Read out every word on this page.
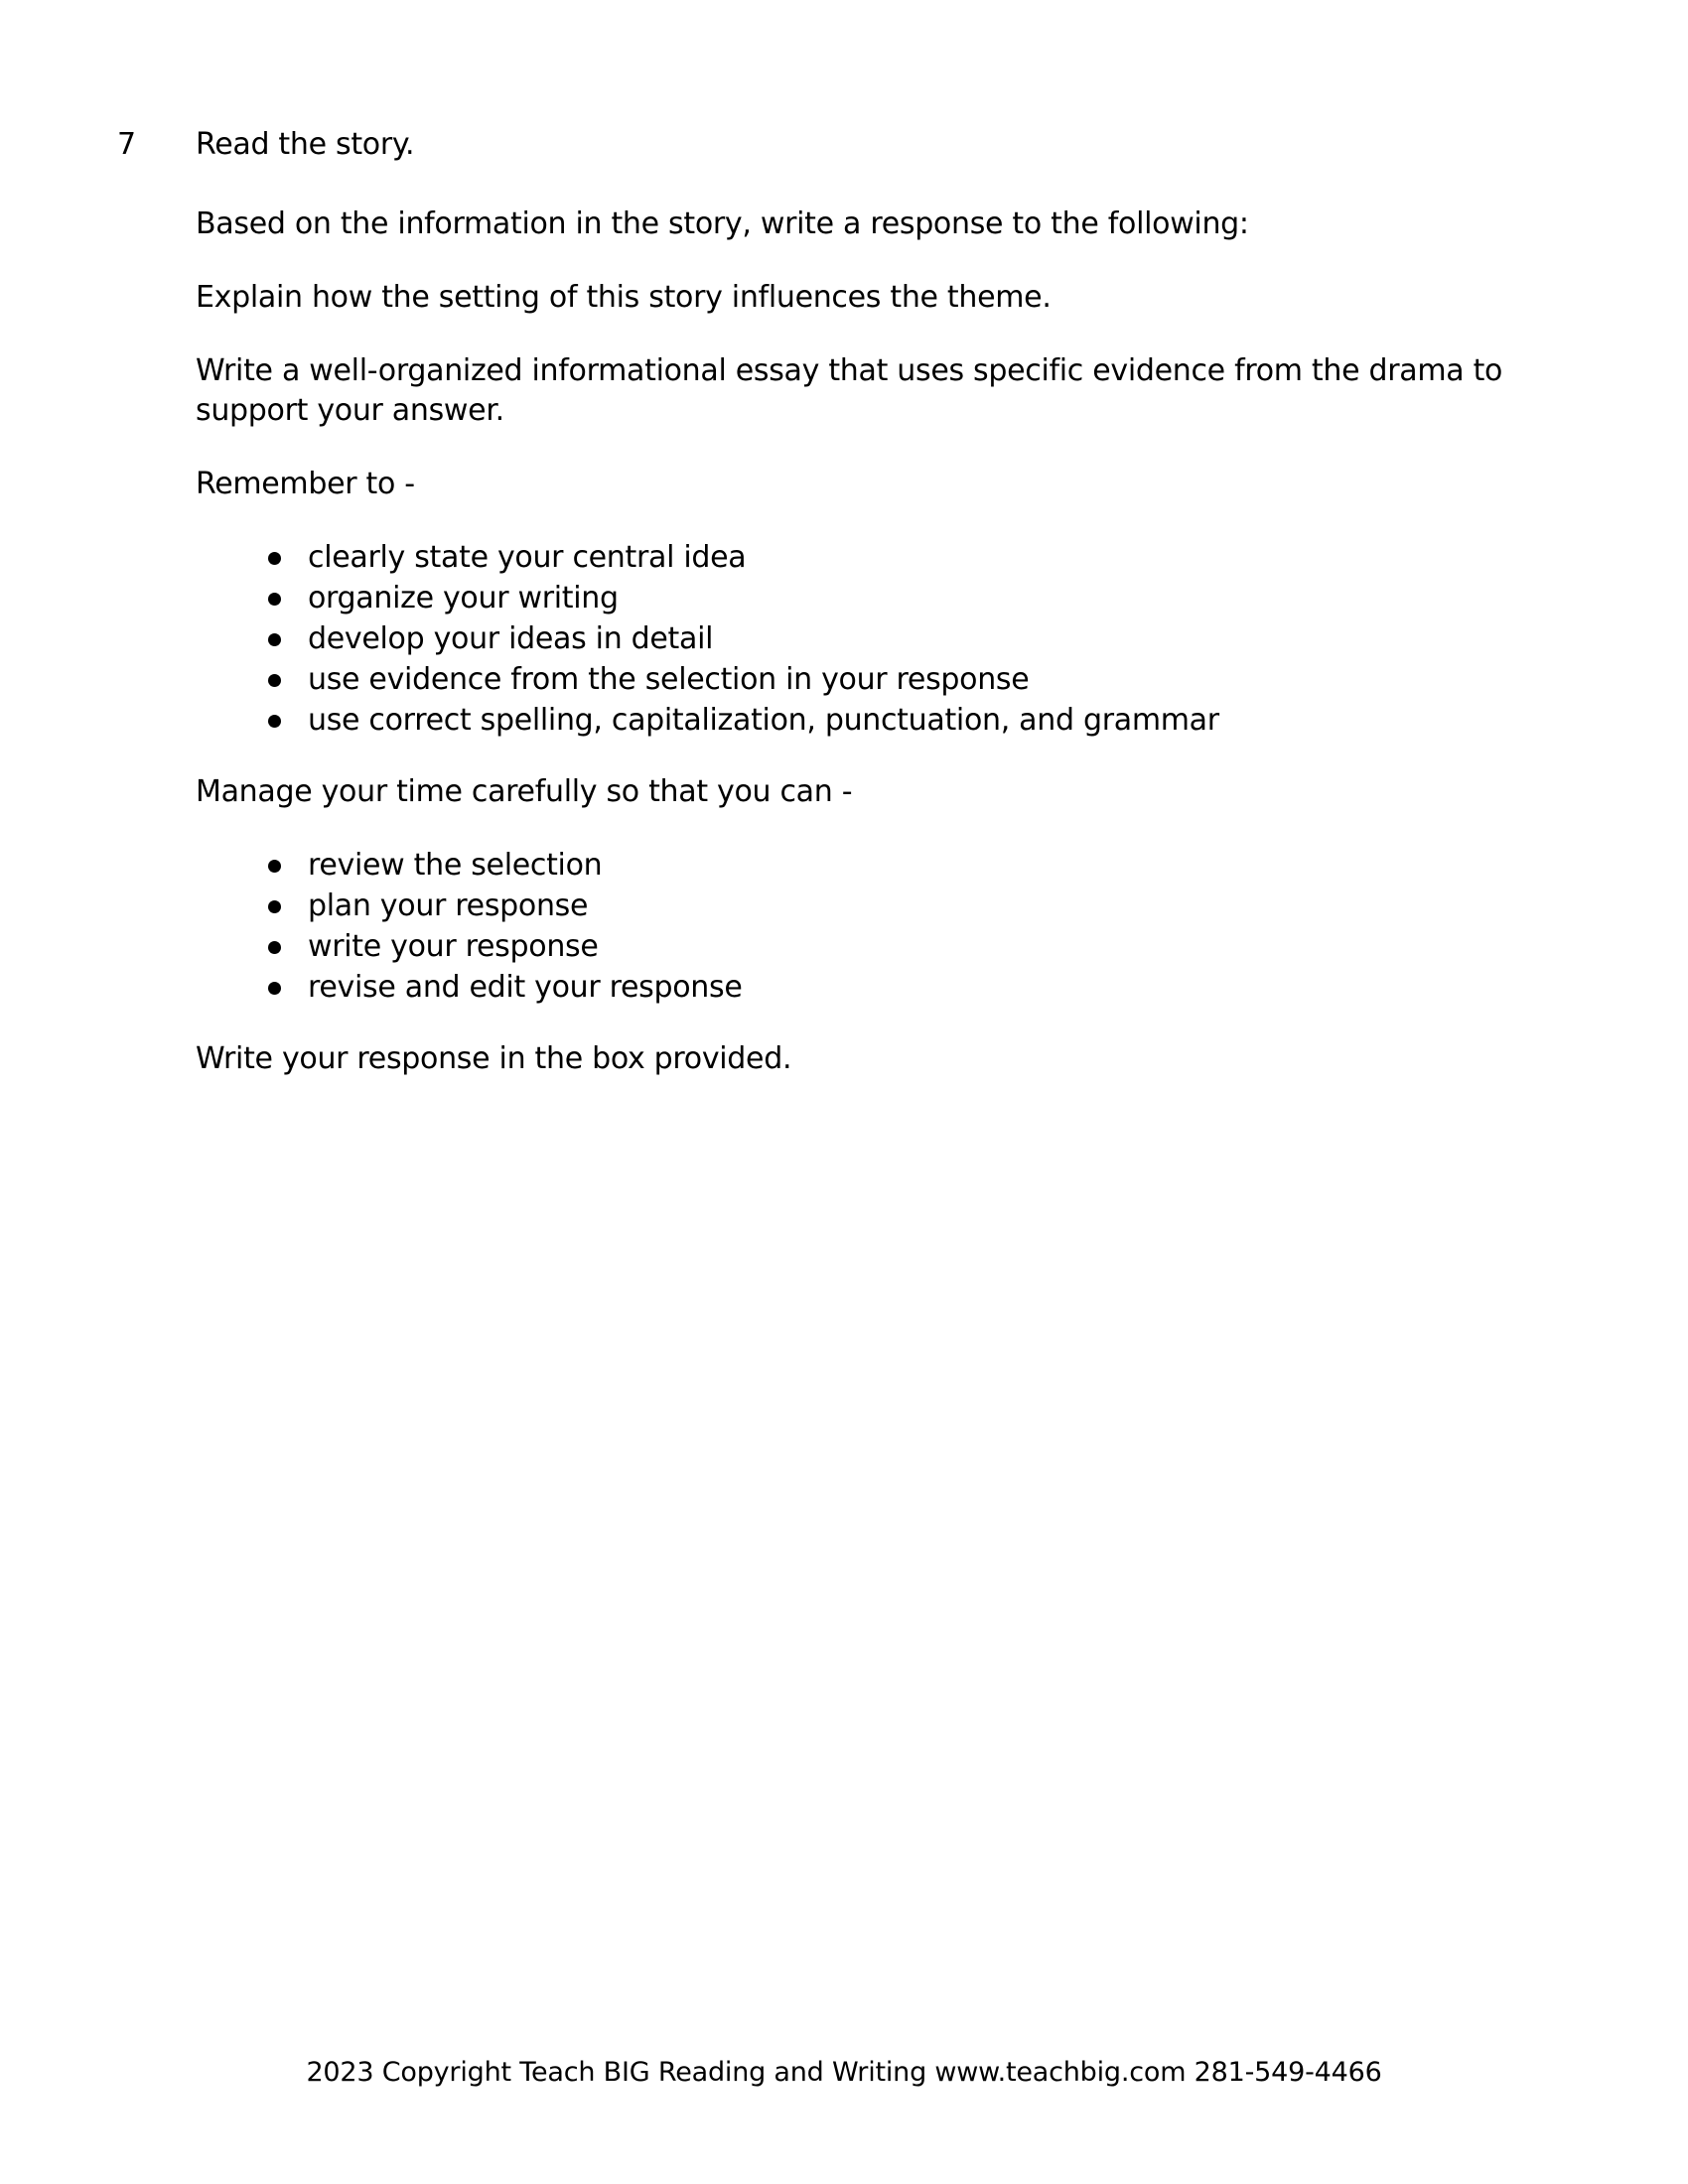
7	Read the story.

Based on the information in the story, write a response to the following:

Explain how the setting of this story influences the theme.

Write a well-organized informational essay that uses specific evidence from the drama to support your answer.

Remember to -

clearly state your central idea
organize your writing
develop your ideas in detail
use evidence from the selection in your response
use correct spelling, capitalization, punctuation, and grammar

Manage your time carefully so that you can -

review the selection
plan your response
write your response
revise and edit your response

Write your response in the box provided.

2023 Copyright Teach BIG Reading and Writing www.teachbig.com 281-549-4466
